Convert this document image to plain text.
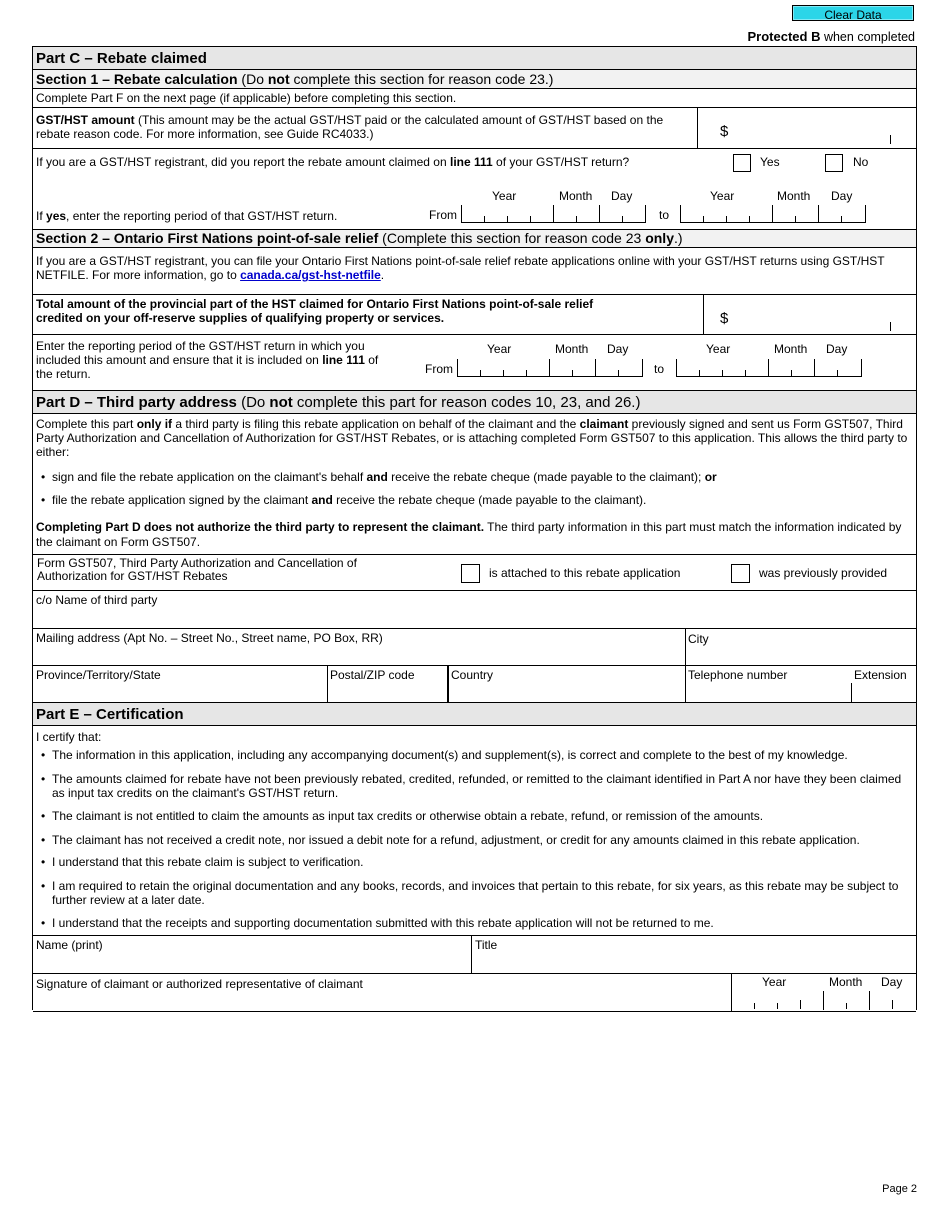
Clear Data
Protected B when completed
Part C – Rebate claimed
Section 1 – Rebate calculation (Do not complete this section for reason code 23.)
Complete Part F on the next page (if applicable) before completing this section.
GST/HST amount (This amount may be the actual GST/HST paid or the calculated amount of GST/HST based on the rebate reason code. For more information, see Guide RC4033.)	$
If you are a GST/HST registrant, did you report the rebate amount claimed on line 111 of your GST/HST return?	Yes	No
Year	Month Day	Year	Month Day
If yes, enter the reporting period of that GST/HST return.	From	to
Section 2 – Ontario First Nations point-of-sale relief (Complete this section for reason code 23 only.)
If you are a GST/HST registrant, you can file your Ontario First Nations point-of-sale relief rebate applications online with your GST/HST returns using GST/HST NETFILE. For more information, go to canada.ca/gst-hst-netfile.
Total amount of the provincial part of the HST claimed for Ontario First Nations point-of-sale relief credited on your off-reserve supplies of qualifying property or services.	$
Enter the reporting period of the GST/HST return in which you included this amount and ensure that it is included on line 111 of the return.
Year	Month Day	Year	Month Day
From	to
Part D – Third party address (Do not complete this part for reason codes 10, 23, and 26.)
Complete this part only if a third party is filing this rebate application on behalf of the claimant and the claimant previously signed and sent us Form GST507, Third Party Authorization and Cancellation of Authorization for GST/HST Rebates, or is attaching completed Form GST507 to this application. This allows the third party to either:
• sign and file the rebate application on the claimant's behalf and receive the rebate cheque (made payable to the claimant); or
• file the rebate application signed by the claimant and receive the rebate cheque (made payable to the claimant).
Completing Part D does not authorize the third party to represent the claimant. The third party information in this part must match the information indicated by the claimant on Form GST507.
Form GST507, Third Party Authorization and Cancellation of Authorization for GST/HST Rebates	is attached to this rebate application	was previously provided
c/o Name of third party
Mailing address (Apt No. – Street No., Street name, PO Box, RR)	City
Province/Territory/State	Postal/ZIP code	Country	Telephone number	Extension
Part E – Certification
I certify that:
• The information in this application, including any accompanying document(s) and supplement(s), is correct and complete to the best of my knowledge.
• The amounts claimed for rebate have not been previously rebated, credited, refunded, or remitted to the claimant identified in Part A nor have they been claimed as input tax credits on the claimant's GST/HST return.
• The claimant is not entitled to claim the amounts as input tax credits or otherwise obtain a rebate, refund, or remission of the amounts.
• The claimant has not received a credit note, nor issued a debit note for a refund, adjustment, or credit for any amounts claimed in this rebate application.
• I understand that this rebate claim is subject to verification.
• I am required to retain the original documentation and any books, records, and invoices that pertain to this rebate, for six years, as this rebate may be subject to further review at a later date.
• I understand that the receipts and supporting documentation submitted with this rebate application will not be returned to me.
Name (print)	Title
Signature of claimant or authorized representative of claimant	Year	Month Day
Page 2
